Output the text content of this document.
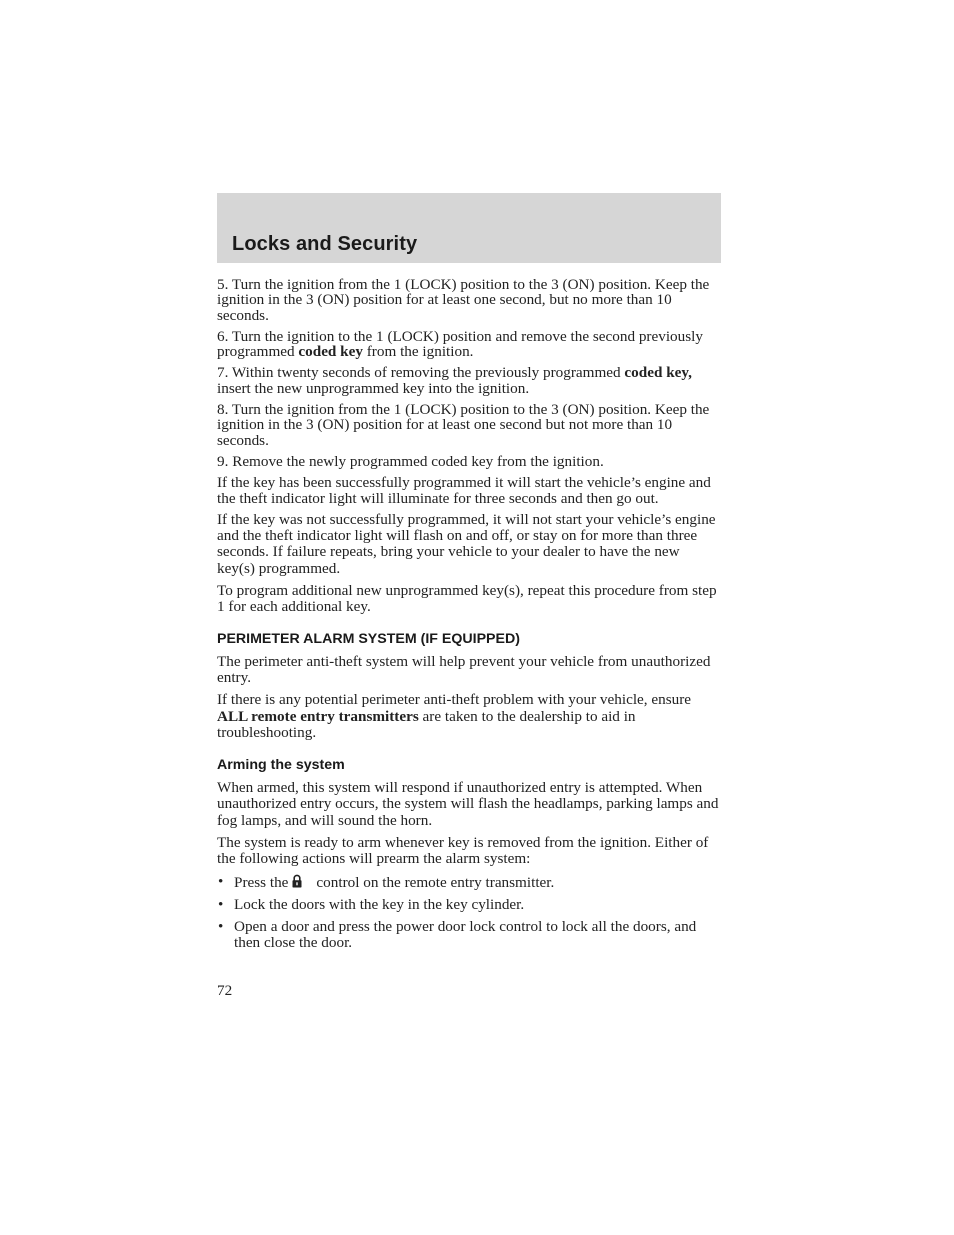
Locks and Security

5. Turn the ignition from the 1 (LOCK) position to the 3 (ON) position. Keep the ignition in the 3 (ON) position for at least one second, but no more than 10 seconds.

6. Turn the ignition to the 1 (LOCK) position and remove the second previously programmed coded key from the ignition.

7. Within twenty seconds of removing the previously programmed coded key, insert the new unprogrammed key into the ignition.

8. Turn the ignition from the 1 (LOCK) position to the 3 (ON) position. Keep the ignition in the 3 (ON) position for at least one second but not more than 10 seconds.

9. Remove the newly programmed coded key from the ignition.

If the key has been successfully programmed it will start the vehicle’s engine and the theft indicator light will illuminate for three seconds and then go out.

If the key was not successfully programmed, it will not start your vehicle’s engine and the theft indicator light will flash on and off, or stay on for more than three seconds. If failure repeats, bring your vehicle to your dealer to have the new key(s) programmed.

To program additional new unprogrammed key(s), repeat this procedure from step 1 for each additional key.

PERIMETER ALARM SYSTEM (IF EQUIPPED)

The perimeter anti-theft system will help prevent your vehicle from unauthorized entry.

If there is any potential perimeter anti-theft problem with your vehicle, ensure ALL remote entry transmitters are taken to the dealership to aid in troubleshooting.

Arming the system

When armed, this system will respond if unauthorized entry is attempted. When unauthorized entry occurs, the system will flash the headlamps, parking lamps and fog lamps, and will sound the horn.

The system is ready to arm whenever key is removed from the ignition. Either of the following actions will prearm the alarm system:

• Press the control on the remote entry transmitter.
• Lock the doors with the key in the key cylinder.
• Open a door and press the power door lock control to lock all the doors, and then close the door.
72
